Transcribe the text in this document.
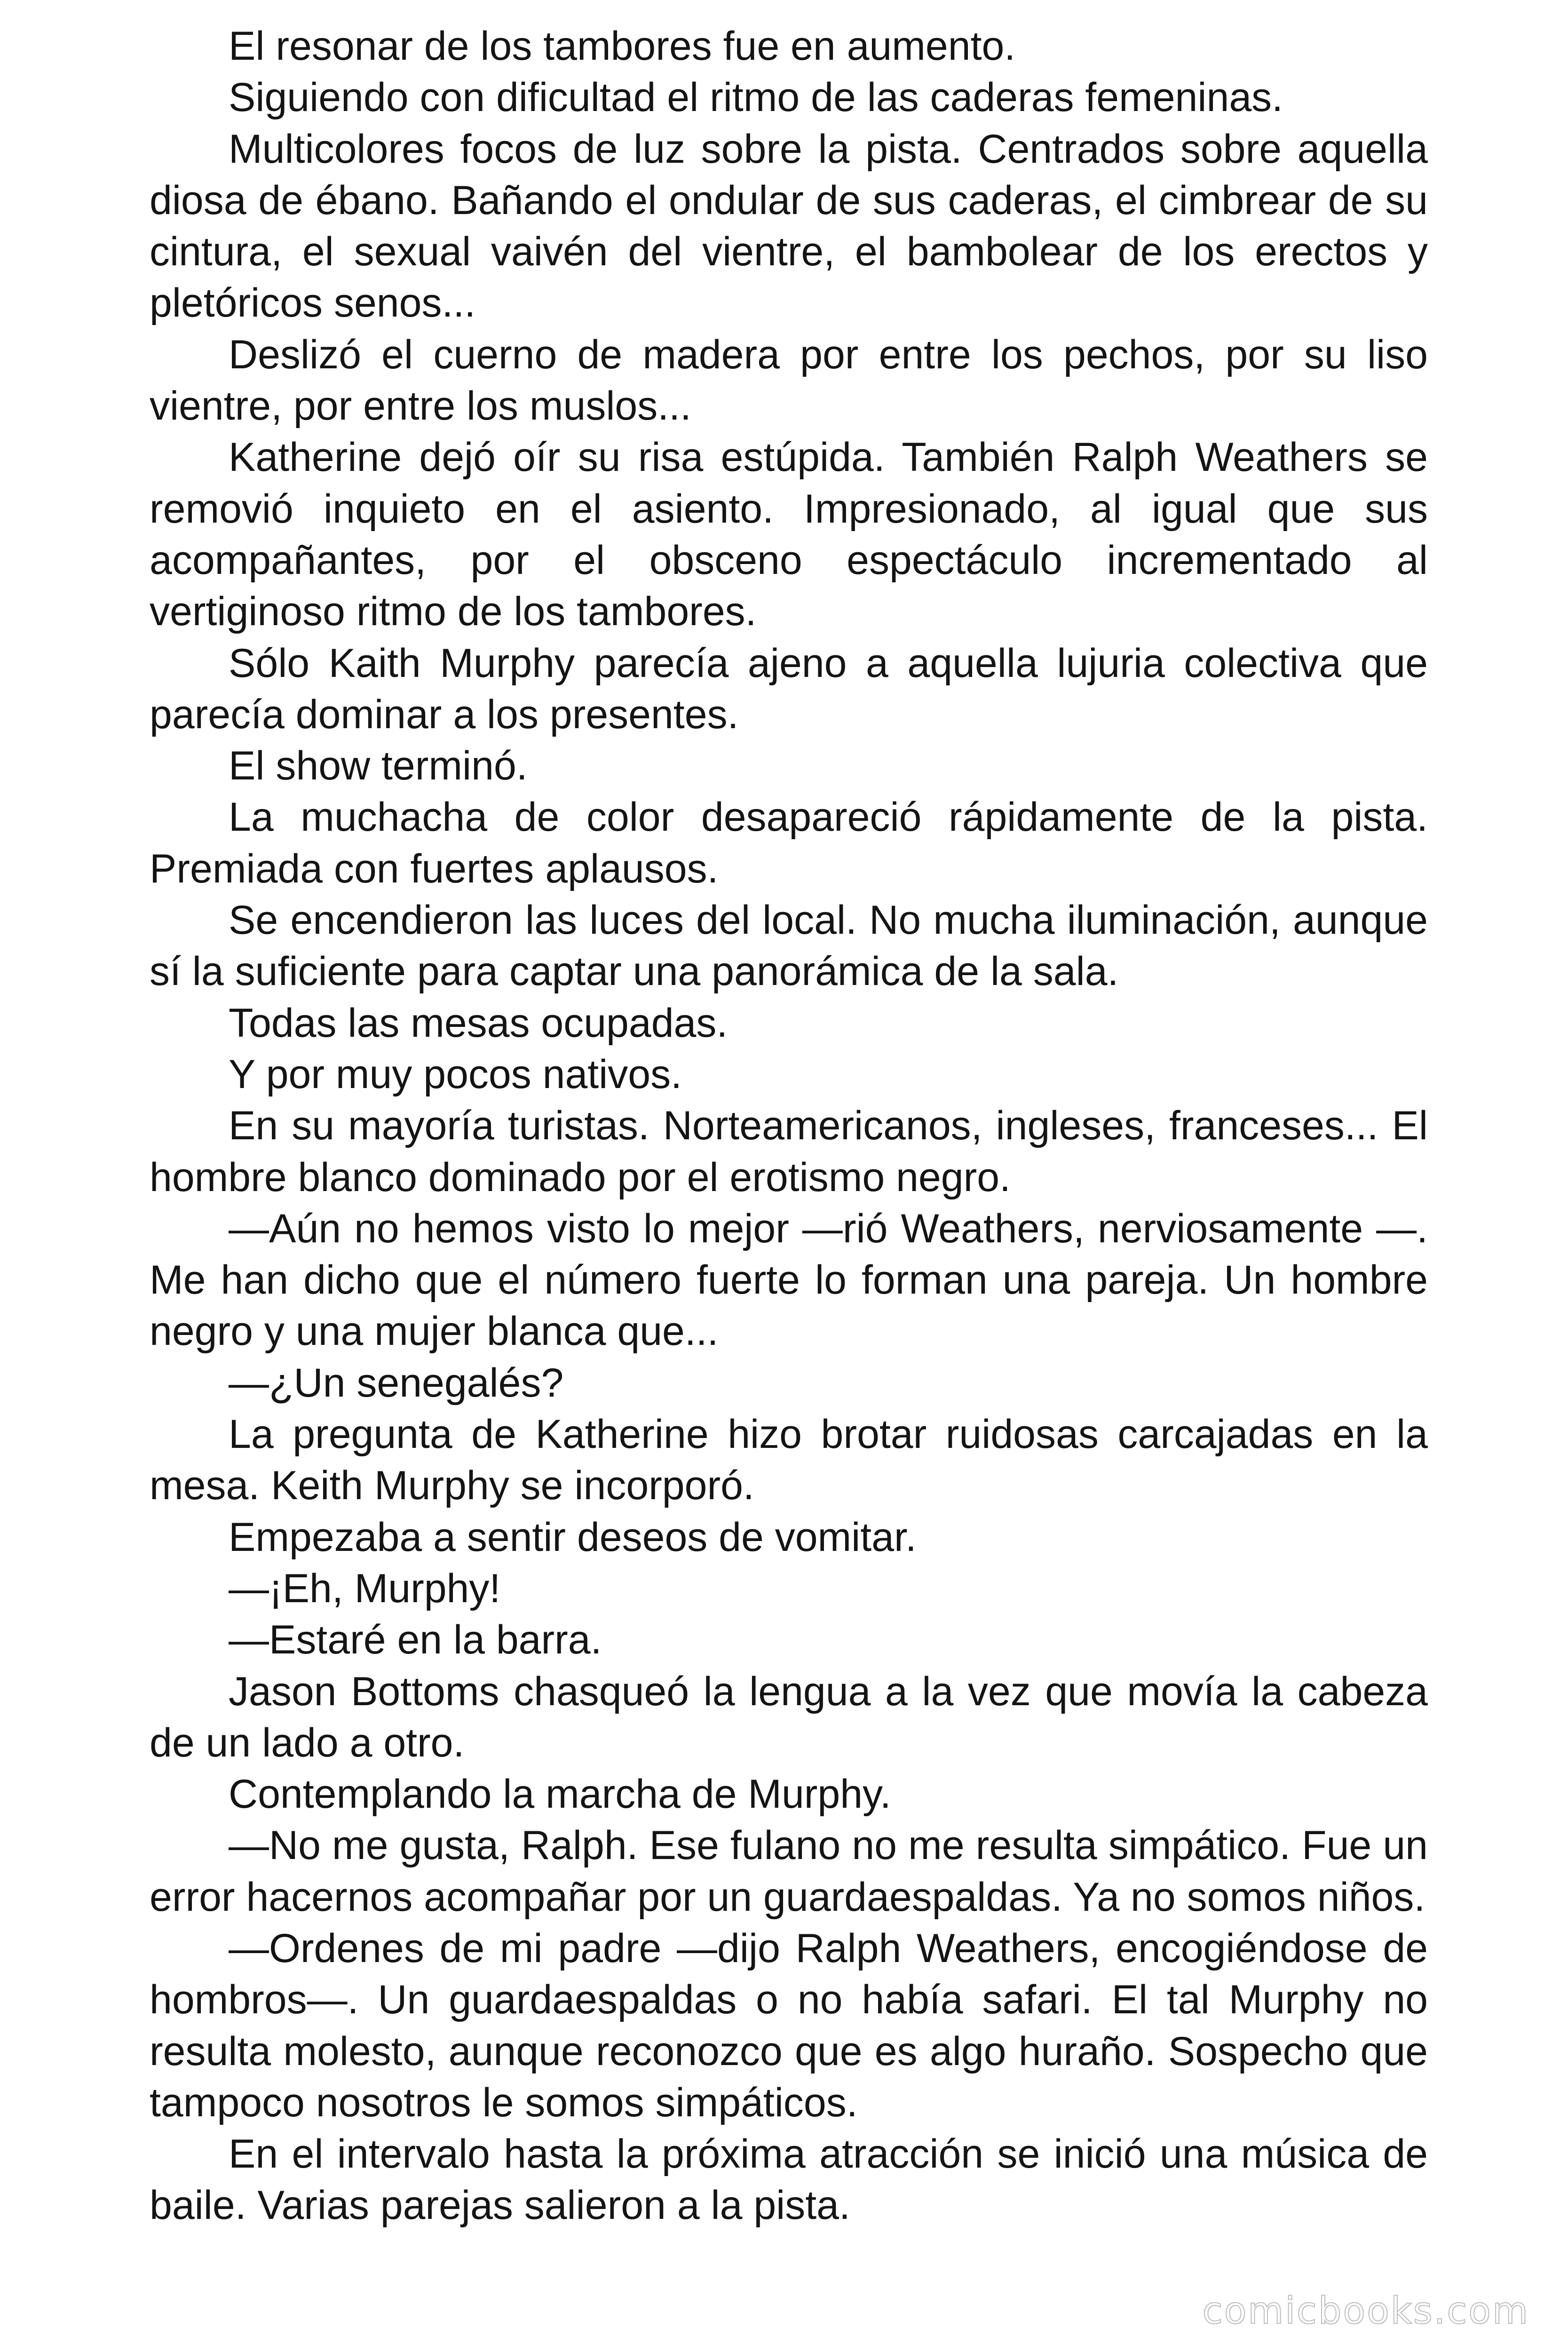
El resonar de los tambores fue en aumento.

Siguiendo con dificultad el ritmo de las caderas femeninas.

Multicolores focos de luz sobre la pista. Centrados sobre aquella diosa de ébano. Bañando el ondular de sus caderas, el cimbrear de su cintura, el sexual vaivén del vientre, el bambolear de los erectos y pletóricos senos...

Deslizó el cuerno de madera por entre los pechos, por su liso vientre, por entre los muslos...

Katherine dejó oír su risa estúpida. También Ralph Weathers se removió inquieto en el asiento. Impresionado, al igual que sus acompañantes, por el obsceno espectáculo incrementado al vertiginoso ritmo de los tambores.

Sólo Kaith Murphy parecía ajeno a aquella lujuria colectiva que parecía dominar a los presentes.

El show terminó.

La muchacha de color desapareció rápidamente de la pista. Premiada con fuertes aplausos.

Se encendieron las luces del local. No mucha iluminación, aunque sí la suficiente para captar una panorámica de la sala.

Todas las mesas ocupadas.

Y por muy pocos nativos.

En su mayoría turistas. Norteamericanos, ingleses, franceses... El hombre blanco dominado por el erotismo negro.

—Aún no hemos visto lo mejor —rió Weathers, nerviosamente —. Me han dicho que el número fuerte lo forman una pareja. Un hombre negro y una mujer blanca que...

—¿Un senegalés?

La pregunta de Katherine hizo brotar ruidosas carcajadas en la mesa. Keith Murphy se incorporó.

Empezaba a sentir deseos de vomitar.

—¡Eh, Murphy!

—Estaré en la barra.

Jason Bottoms chasqueó la lengua a la vez que movía la cabeza de un lado a otro.

Contemplando la marcha de Murphy.

—No me gusta, Ralph. Ese fulano no me resulta simpático. Fue un error hacernos acompañar por un guardaespaldas. Ya no somos niños.

—Ordenes de mi padre —dijo Ralph Weathers, encogiéndose de hombros—. Un guardaespaldas o no había safari. El tal Murphy no resulta molesto, aunque reconozco que es algo huraño. Sospecho que tampoco nosotros le somos simpáticos.

En el intervalo hasta la próxima atracción se inició una música de baile. Varias parejas salieron a la pista.

comicbooks.com
